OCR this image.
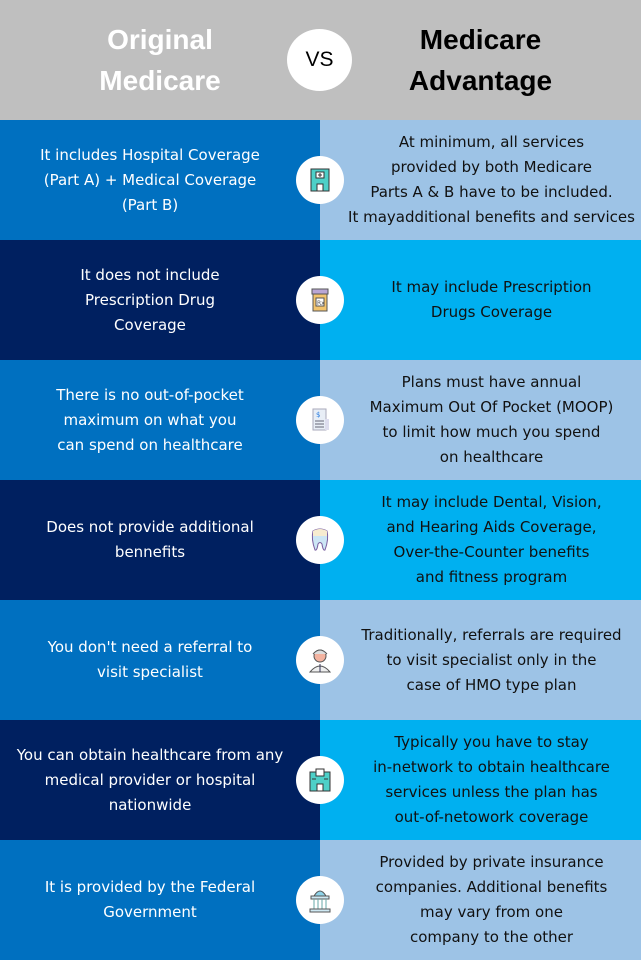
Original
Medicare
Medicare
Advantage
VS
It includes Hospital Coverage
(Part A) + Medical Coverage
(Part B)
At minimum, all services
provided by both Medicare
Parts A & B have to be included.
It mayadditional benefits and services
It does not include
Prescription Drug
Coverage
It may include Prescription
Drugs Coverage
Rx
There is no out-of-pocket
maximum on what you
can spend on healthcare
Plans must have annual
Maximum Out Of Pocket (MOOP)
to limit how much you spend
on healthcare
$
Does not provide additional
bennefits
It may include Dental, Vision,
and Hearing Aids Coverage,
Over-the-Counter benefits
and fitness program
You don't need a referral to
visit specialist
Traditionally, referrals are required
to visit specialist only in the
case of HMO type plan
You can obtain healthcare from any
medical provider or hospital
nationwide
Typically you have to stay
in-network to obtain healthcare
services unless the plan has
out-of-netowork coverage
It is provided by the Federal
Government
Provided by private insurance
companies. Additional benefits
may vary from one
company to the other
